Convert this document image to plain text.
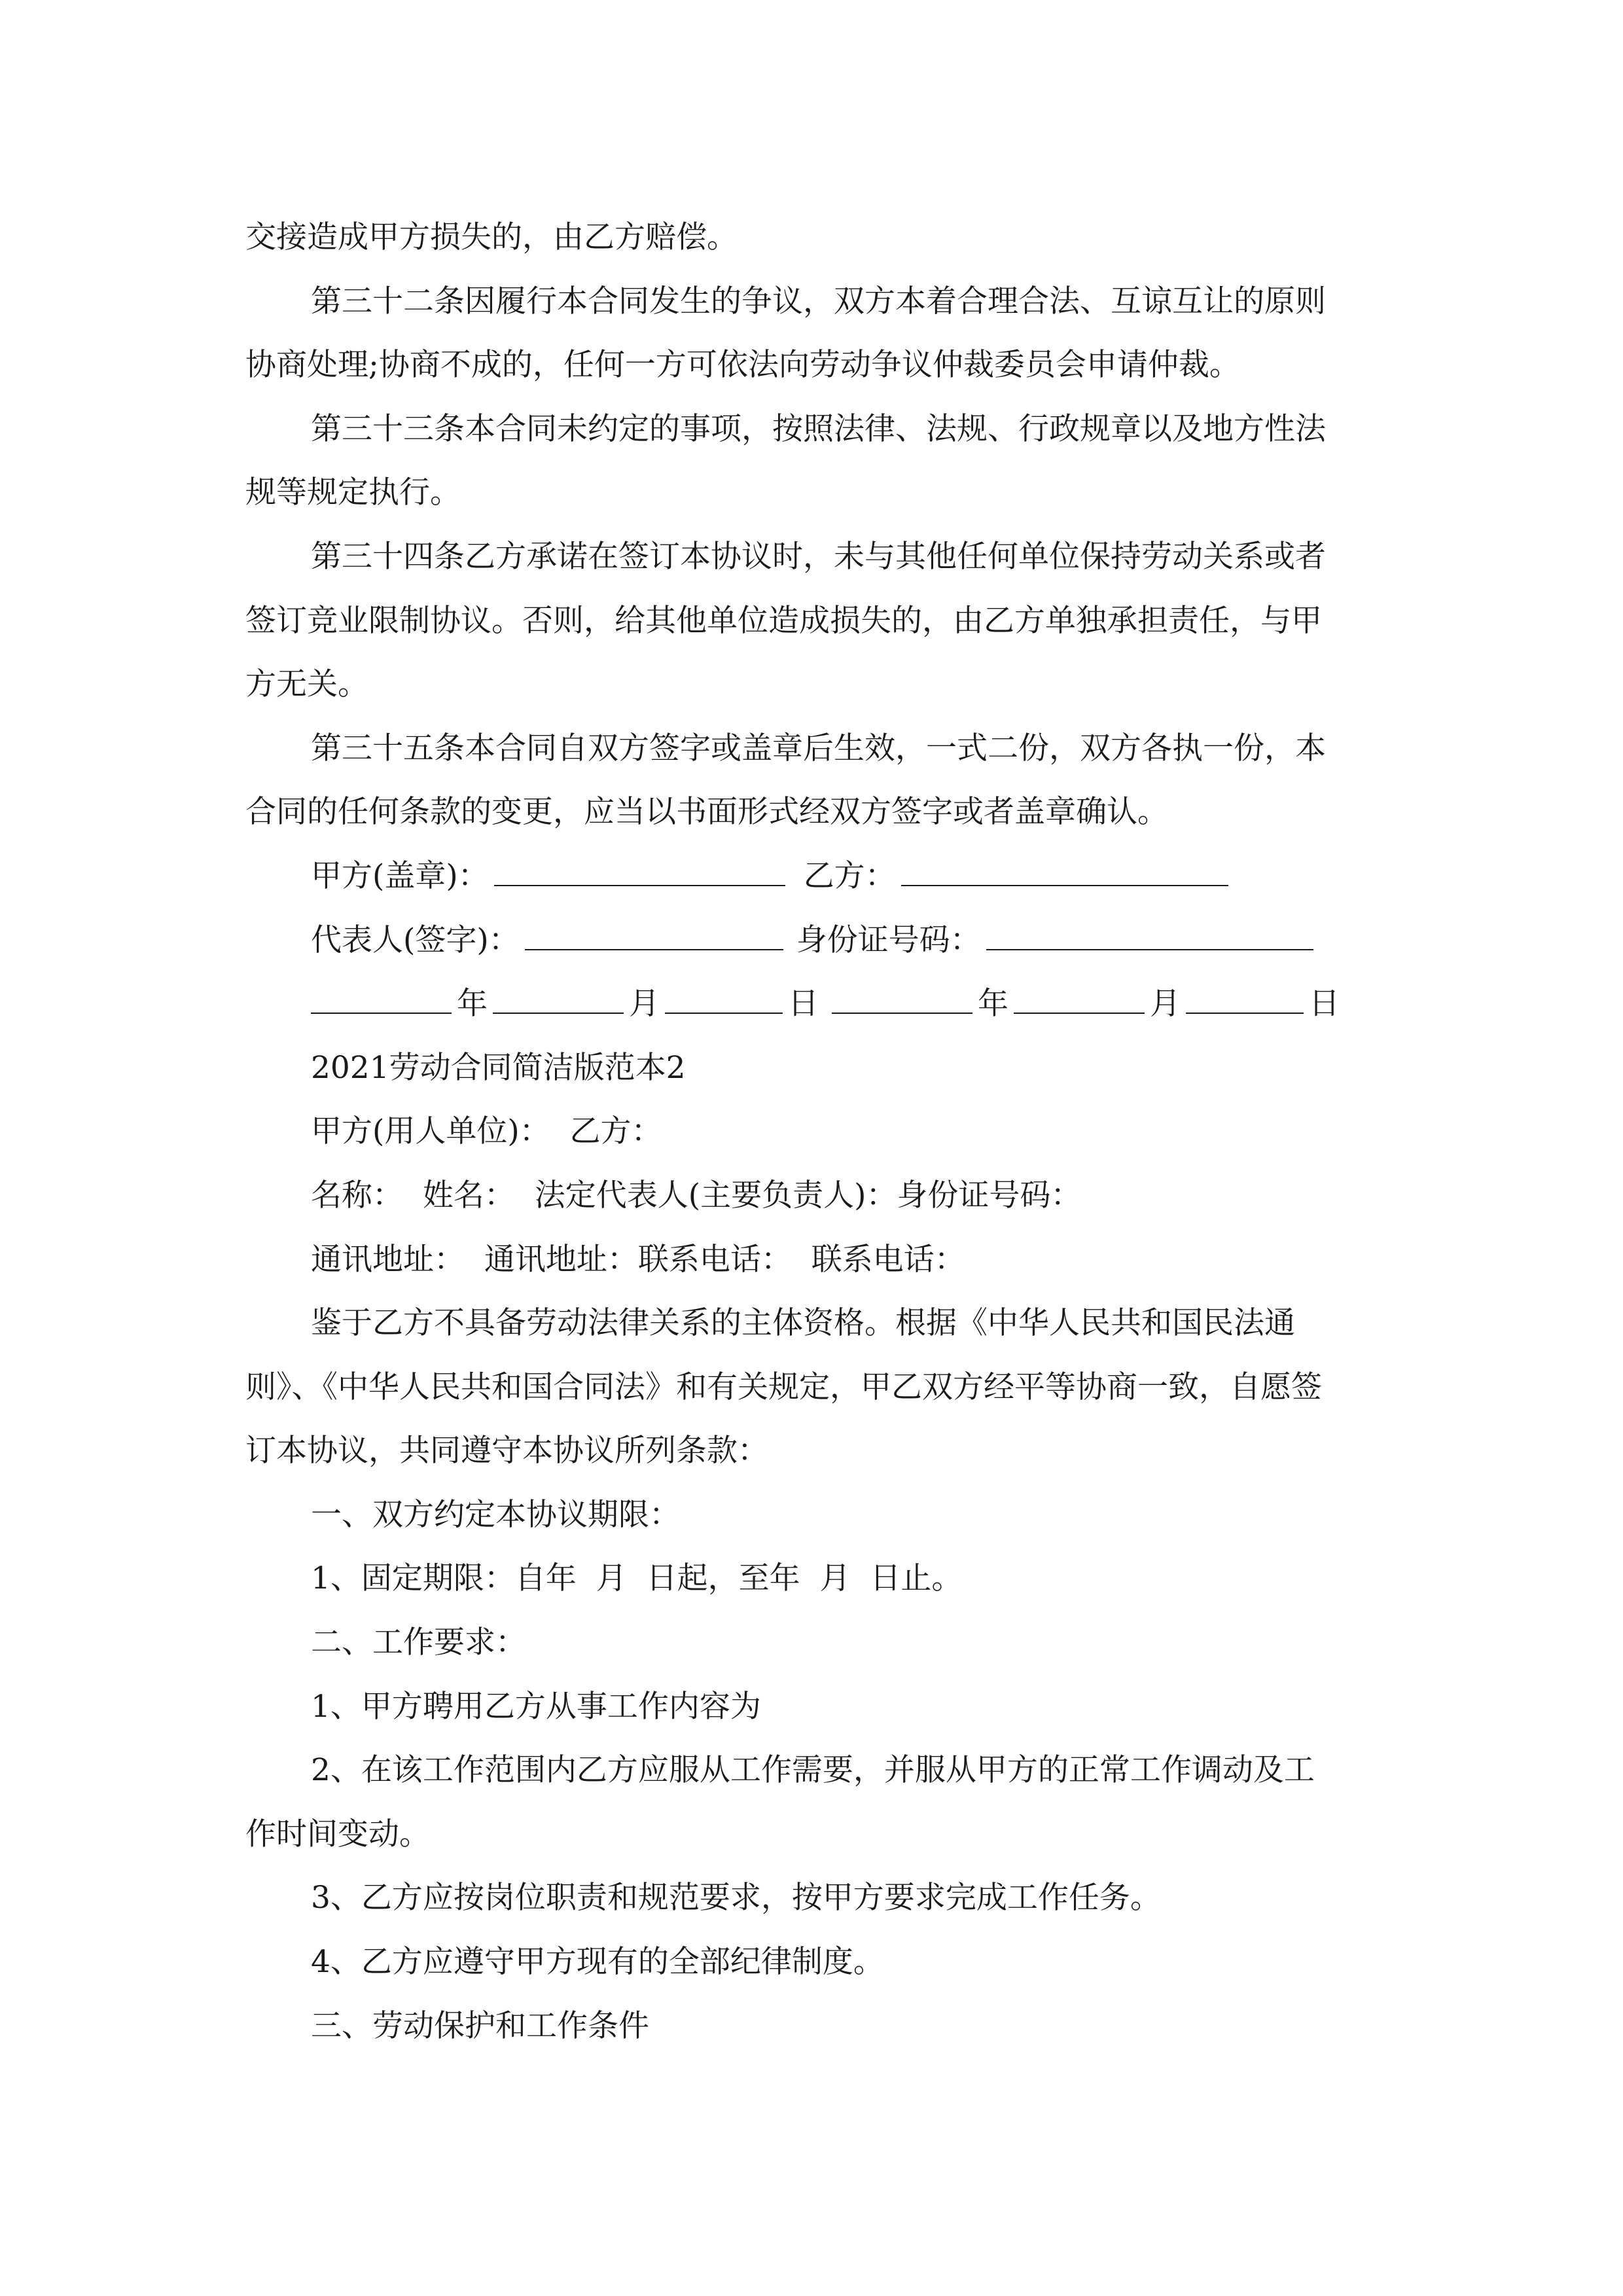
交接造成甲方损失的，由乙方赔偿。
第三十二条因履行本合同发生的争议，双方本着合理合法、互谅互让的原则
协商处理;协商不成的，任何一方可依法向劳动争议仲裁委员会申请仲裁。
第三十三条本合同未约定的事项，按照法律、法规、行政规章以及地方性法
规等规定执行。
第三十四条乙方承诺在签订本协议时，未与其他任何单位保持劳动关系或者
签订竞业限制协议。否则，给其他单位造成损失的，由乙方单独承担责任，与甲
方无关。
第三十五条本合同自双方签字或盖章后生效，一式二份，双方各执一份，本
合同的任何条款的变更，应当以书面形式经双方签字或者盖章确认。
甲方(盖章)：	乙方：
代表人(签字)：	身份证号码：
年	月	日	年	月	日
2021劳动合同简洁版范本2
甲方(用人单位)：  乙方：
名称：  姓名：  法定代表人(主要负责人)：身份证号码：
通讯地址：  通讯地址：联系电话：  联系电话：
鉴于乙方不具备劳动法律关系的主体资格。根据《中华人民共和国民法通
则》、《中华人民共和国合同法》和有关规定，甲乙双方经平等协商一致，自愿签
订本协议，共同遵守本协议所列条款：
一、双方约定本协议期限：
1、固定期限：自年  月  日起，至年  月  日止。
二、工作要求：
1、甲方聘用乙方从事工作内容为
2、在该工作范围内乙方应服从工作需要，并服从甲方的正常工作调动及工
作时间变动。
3、乙方应按岗位职责和规范要求，按甲方要求完成工作任务。
4、乙方应遵守甲方现有的全部纪律制度。
三、劳动保护和工作条件
